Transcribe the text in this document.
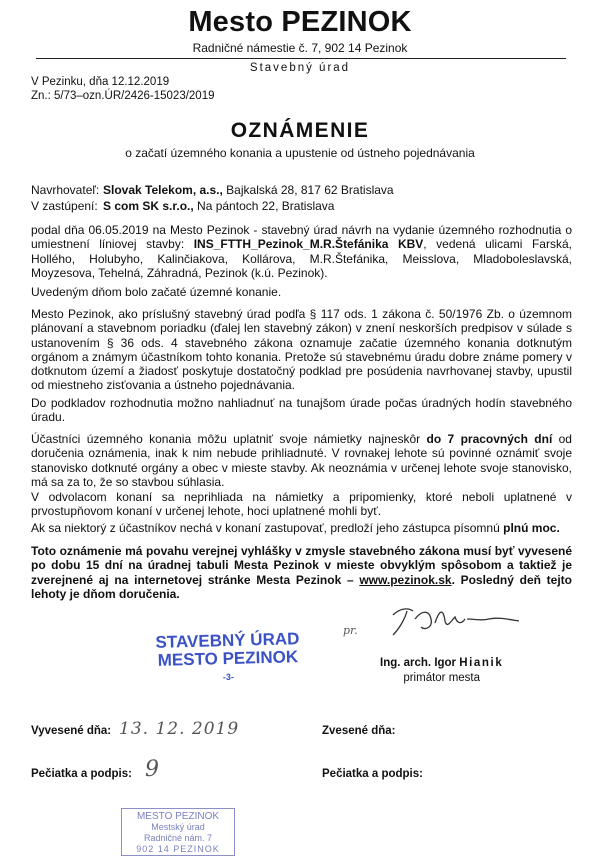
Mesto PEZINOK
Radničné námestie č. 7, 902 14 Pezinok
Stavebný úrad
V Pezinku, dňa 12.12.2019
Zn.: 5/73–ozn.ÚR/2426-15023/2019
OZNÁMENIE
o začatí územného konania a upustenie od ústneho pojednávania
Navrhovateľ: Slovak Telekom, a.s., Bajkalská 28, 817 62 Bratislava
V zastúpení: S com SK s.r.o., Na pántoch 22, Bratislava
podal dňa 06.05.2019 na Mesto Pezinok - stavebný úrad návrh na vydanie územného rozhodnutia o umiestnení líniovej stavby: INS_FTTH_Pezinok_M.R.Štefánika KBV, vedená ulicami Farská, Hollého, Holubyho, Kalinčiakova, Kollárova, M.R.Štefánika, Meisslova, Mladoboleslavská, Moyzesova, Tehelná, Záhradná, Pezinok (k.ú. Pezinok).
Uvedeným dňom bolo začaté územné konanie.
Mesto Pezinok, ako príslušný stavebný úrad podľa § 117 ods. 1 zákona č. 50/1976 Zb. o územnom plánovaní a stavebnom poriadku (ďalej len stavebný zákon) v znení neskorších predpisov v súlade s ustanovením § 36 ods. 4 stavebného zákona oznamuje začatie územného konania dotknutým orgánom a známym účastníkom tohto konania. Pretože sú stavebnému úradu dobre známe pomery v dotknutom území a žiadosť poskytuje dostatočný podklad pre posúdenia navrhovanej stavby, upustil od miestneho zisťovania a ústneho pojednávania.
Do podkladov rozhodnutia možno nahliadnuť na tunajšom úrade počas úradných hodín stavebného úradu.
Účastníci územného konania môžu uplatniť svoje námietky najneskôr do 7 pracovných dní od doručenia oznámenia, inak k nim nebude prihliadnuté. V rovnakej lehote sú povinné oznámiť svoje stanovisko dotknuté orgány a obec v mieste stavby. Ak neoznámia v určenej lehote svoje stanovisko, má sa za to, že so stavbou súhlasia.
V odvolacom konaní sa neprihliada na námietky a pripomienky, ktoré neboli uplatnené v prvostupňovom konaní v určenej lehote, hoci uplatnené mohli byť.
Ak sa niektorý z účastníkov nechá v konaní zastupovať, predloží jeho zástupca písomnú plnú moc.
Toto oznámenie má povahu verejnej vyhlášky v zmysle stavebného zákona musí byť vyvesené po dobu 15 dní na úradnej tabuli Mesta Pezinok v mieste obvyklým spôsobom a taktiež je zverejnené aj na internetovej stránke Mesta Pezinok – www.pezinok.sk. Posledný deň tejto lehoty je dňom doručenia.
pr.
STAVEBNÝ ÚRAD
MESTO PEZINOK
-3-
Ing. arch. Igor Hianik
primátor mesta
Vyvesené dňa: 13. 12. 2019	Zvesené dňa:
Pečiatka a podpis: 9	Pečiatka a podpis:
MESTO PEZINOK
Mestský úrad
Radničné nám. 7
902 14 PEZINOK
